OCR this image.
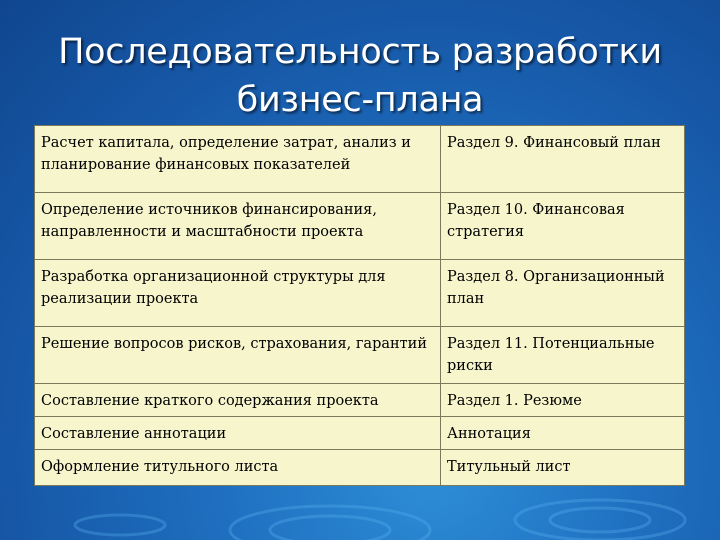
Последовательность разработки
бизнес-плана
Расчет капитала, определение затрат, анализ и планирование финансовых показателей	Раздел 9. Финансовый план
Определение источников финансирования, направленности и масштабности проекта	Раздел 10. Финансовая стратегия
Разработка организационной структуры для реализации проекта	Раздел 8. Организационный план
Решение вопросов рисков, страхования, гарантий	Раздел 11. Потенциальные риски
Составление краткого содержания проекта	Раздел 1. Резюме
Составление аннотации	Аннотация
Оформление титульного листа	Титульный лист
